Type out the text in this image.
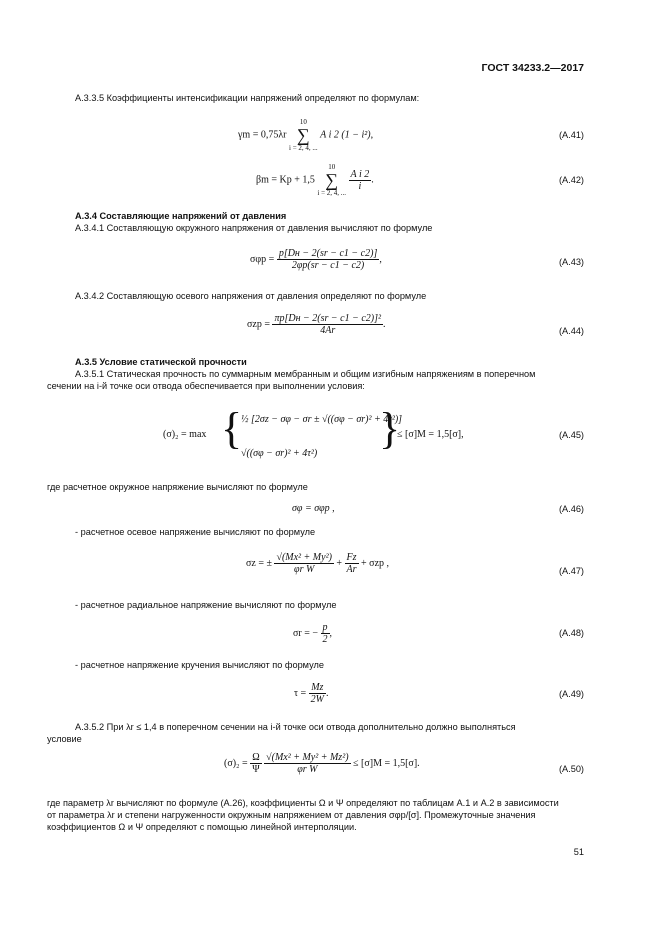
ГОСТ 34233.2—2017
А.3.3.5 Коэффициенты интенсификации напряжений определяют по формулам:
γm = 0,75λr 10
∑
i = 2, 4, ... A i 2 (1 − i²),	(А.41)
βm = Kp + 1,5 10
∑
i = 2, 4, ...
$\frac{\text{A i 2}}{i}$ .	(А.42)
А.3.4 Составляющие напряжений от давления
А.3.4.1 Составляющую окружного напряжения от давления вычисляют по формуле
$\sigma\varphi p = \frac{p[Dн - 2(sr - c1 - c2)]}{2\varphi p(sr - c1 - c2)}$ ,	(А.43)
А.3.4.2 Составляющую осевого напряжения от давления определяют по формуле
$\sigma zp = \frac{\text{πp[Dн − 2(sr − c1 − c2)]²}}{4Ar}$ .
(А.44)
А.3.5 Условие статической прочности
А.3.5.1 Статическая прочность по суммарным мембранным и общим изгибным напряжениям в поперечном
сечении на i-й точке оси отвода обеспечивается при выполнении условия:
(σ)₂ = max {
½ [2σz − σφ − σr ± √((σφ − σr)² + 4τ²)]
√((σφ − σr)² + 4τ²)
}
≤ [σ]M = 1,5[σ],	(А.45)
где расчетное окружное напряжение вычисляют по формуле
σφ = σφp ,	(А.46)
- расчетное осевое напряжение вычисляют по формуле
σz = ± $\frac{\text{√(Mx² + My²)}}{\text{φr W}} + \frac{Fz}{Ar} + \sigma zp$ ,
(А.47)
- расчетное радиальное напряжение вычисляют по формуле
σr = − $\frac{p}{2}$ ,	(А.48)
- расчетное напряжение кручения вычисляют по формуле
$\tau = \frac{Mz}{2W}$ .	(А.49)
А.3.5.2 При λr ≤ 1,4 в поперечном сечении на i-й точке оси отвода дополнительно должно выполняться
условие
$(\sigma)_2 = \frac{\Omega}{\Psi}$
$\frac{\text{√(Mx² + My² + Mz²)}}{\text{φr W}} \le [\sigma]M = 1,5[\sigma]$.
(А.50)
где параметр λr вычисляют по формуле (А.26), коэффициенты Ω и Ψ определяют по таблицам А.1 и А.2 в зависимости
от параметра λr и степени нагруженности окружным напряжением от давления σφp/[σ]. Промежуточные значения
коэффициентов Ω и Ψ определяют с помощью линейной интерполяции.
51
